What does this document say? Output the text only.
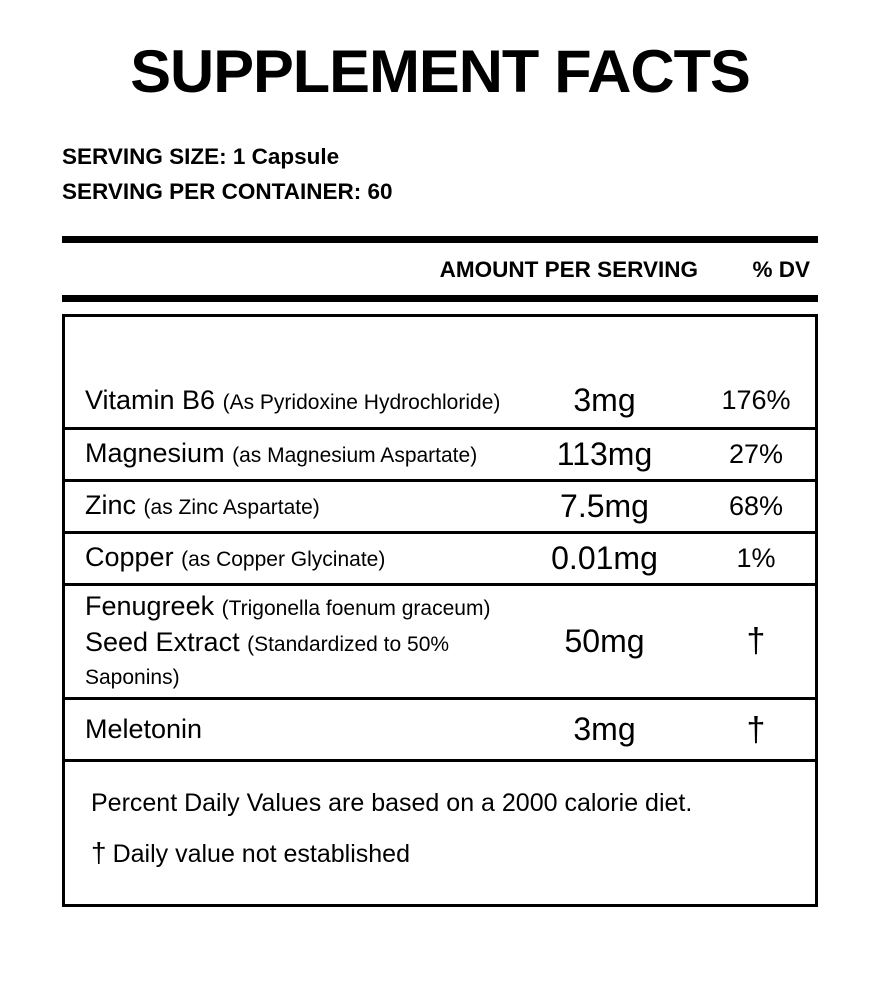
SUPPLEMENT FACTS
SERVING SIZE: 1 Capsule
SERVING PER CONTAINER: 60
AMOUNT PER SERVING	% DV
Vitamin B6 (As Pyridoxine Hydrochloride)	3mg	176%
Magnesium (as Magnesium Aspartate)	113mg	27%
Zinc (as Zinc Aspartate)	7.5mg	68%
Copper (as Copper Glycinate)	0.01mg	1%
Fenugreek (Trigonella foenum graceum)
Seed Extract (Standardized to 50% Saponins)
50mg	†
Meletonin	3mg	†
Percent Daily Values are based on a 2000 calorie diet.
† Daily value not established
